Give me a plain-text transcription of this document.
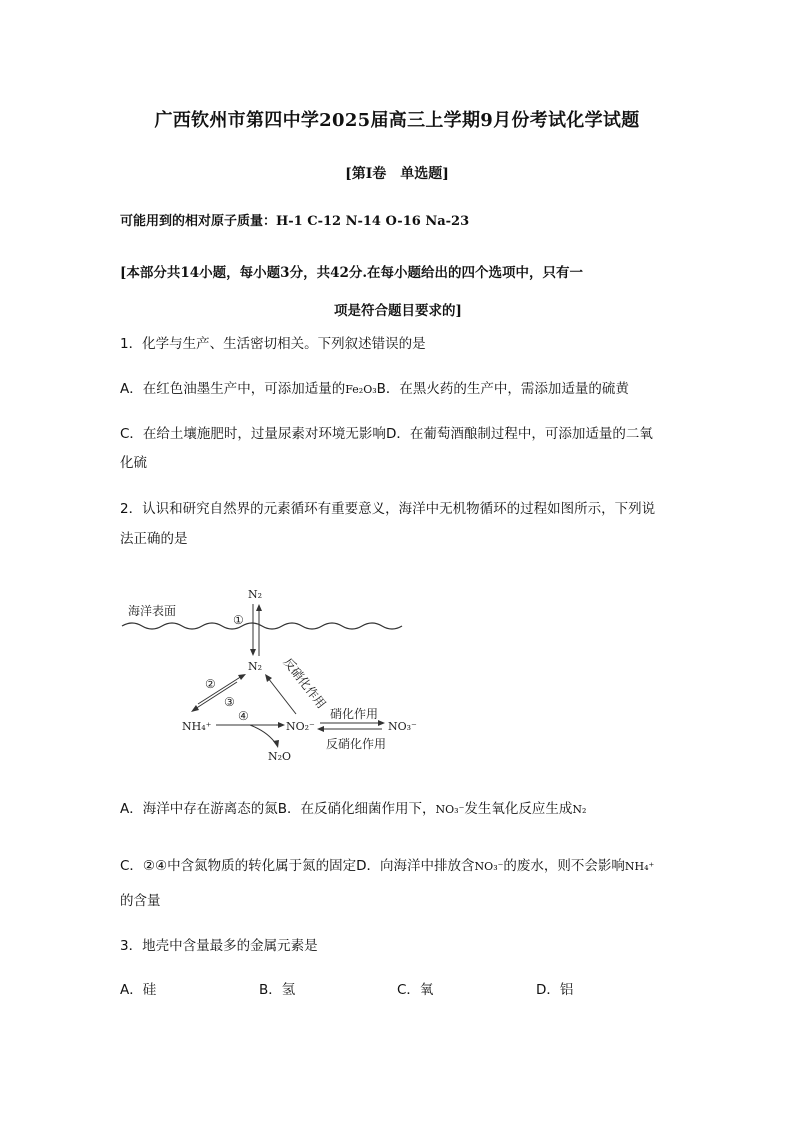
广西钦州市第四中学2025届高三上学期9月份考试化学试题
[第Ⅰ卷　单选题]
可能用到的相对原子质量：H-1 C-12 N-14 O-16 Na-23
[本部分共14小题，每小题3分，共42分.在每小题给出的四个选项中，只有一
项是符合题目要求的]
1．化学与生产、生活密切相关。下列叙述错误的是
A．在红色油墨生产中，可添加适量的Fe₂O₃B．在黑火药的生产中，需添加适量的硫黄
C．在给土壤施肥时，过量尿素对环境无影响D．在葡萄酒酿制过程中，可添加适量的二氧
化硫
2．认识和研究自然界的元素循环有重要意义，海洋中无机物循环的过程如图所示，下列说
法正确的是
海洋表面
N₂
①
N₂
②
③
NH₄⁺
④
N₂O
NO₂⁻
反硝化作用
硝化作用
反硝化作用
NO₃⁻
A．海洋中存在游离态的氮B．在反硝化细菌作用下，NO₃⁻发生氧化反应生成N₂
C．②④中含氮物质的转化属于氮的固定D．向海洋中排放含NO₃⁻的废水，则不会影响NH₄⁺
的含量
3．地壳中含量最多的金属元素是
A．硅	B．氢	C．氧	D．铝
